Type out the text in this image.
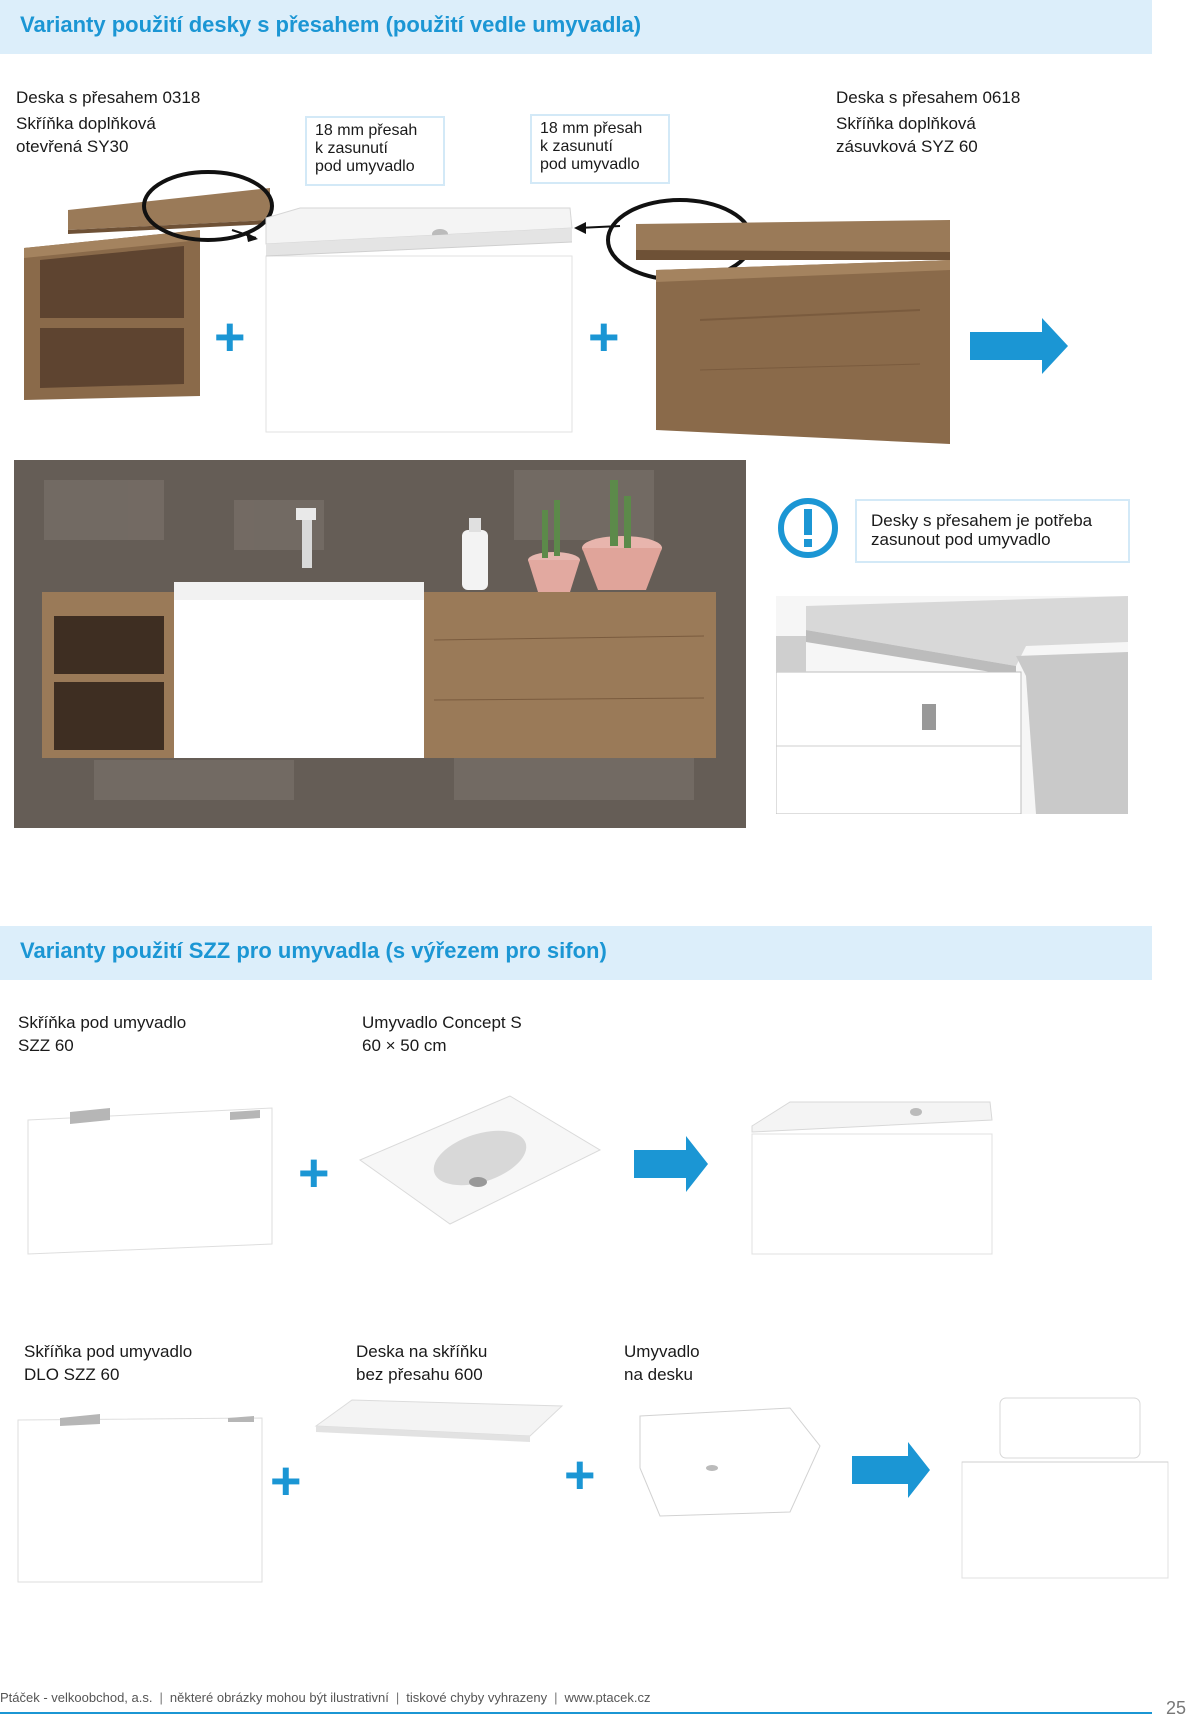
Varianty použití desky s přesahem (použití vedle umyvadla)
Deska s přesahem 0318
Skříňka doplňková
otevřená SY30
Deska s přesahem 0618
Skříňka doplňková
zásuvková SYZ 60
18 mm přesah
k zasunutí
pod umyvadlo
18 mm přesah
k zasunutí
pod umyvadlo
+	+
Desky s přesahem je potřeba
zasunout pod umyvadlo
Varianty použití SZZ pro umyvadla (s výřezem pro sifon)
Skříňka pod umyvadlo
SZZ 60
Umyvadlo Concept S
60 × 50 cm
+
Skříňka pod umyvadlo
DLO SZZ 60
Deska na skříňku
bez přesahu 600
Umyvadlo
na desku
+	+
Ptáček - velkoobchod, a.s. | některé obrázky mohou být ilustrativní | tiskové chyby vyhrazeny | www.ptacek.cz
25
